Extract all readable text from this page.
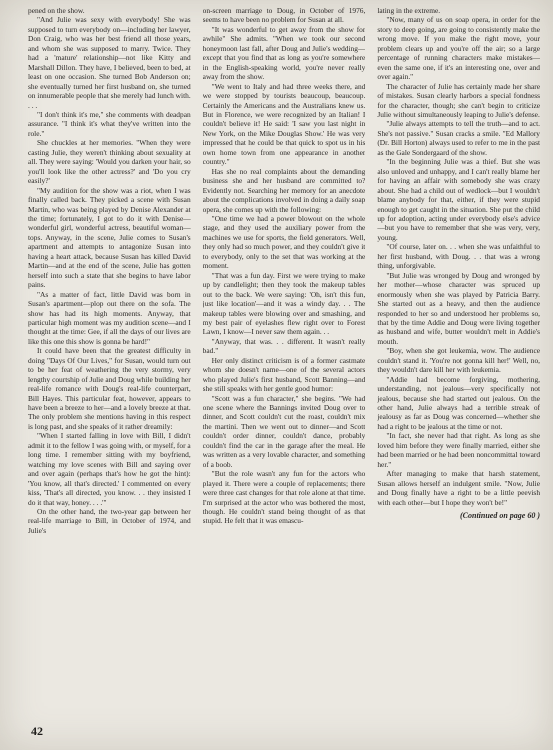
pened on the show.

"And Julie was sexy with everybody! She was supposed to turn everybody on—including her lawyer, Don Craig, who was her best friend all those years, and whom she was supposed to marry. Twice. They had a 'mature' relationship—not like Kitty and Marshall Dillon. They have, I believed, been to bed, at least on one occasion. She turned Bob Anderson on; she eventually turned her first husband on, she turned on innumerable people that she merely had lunch with. . . .

"I don't think it's me," she comments with deadpan assurance. "I think it's what they've written into the role."

She chuckles at her memories. "When they were casting Julie, they weren't thinking about sexuality at all. They were saying: 'Would you darken your hair, so you'll look like the other actress?' and 'Do you cry easily?'

"My audition for the show was a riot, when I was finally called back. They picked a scene with Susan Martin, who was being played by Denise Alexander at the time; fortunately, I got to do it with Denise—wonderful girl, wonderful actress, beautiful woman—tops. Anyway, in the scene, Julie comes to Susan's apartment and attempts to antagonize Susan into having a heart attack, because Susan has killed David Martin—and at the end of the scene, Julie has gotten herself into such a state that she begins to have labor pains.

"As a matter of fact, little David was born in Susan's apartment—plop out there on the sofa. The show has had its high moments. Anyway, that particular high moment was my audition scene—and I thought at the time: Gee, if all the days of our lives are like this one this show is gonna be hard!"

It could have been that the greatest difficulty in doing "Days Of Our Lives," for Susan, would turn out to be her feat of weathering the very stormy, very lengthy courtship of Julie and Doug while building her real-life romance with Doug's real-life counterpart, Bill Hayes. This particular feat, however, appears to have been a breeze to her—and a lovely breeze at that. The only problem she mentions having in this respect is long past, and she speaks of it rather dreamily:

"When I started falling in love with Bill, I didn't admit it to the fellow I was going with, or myself, for a long time. I remember sitting with my boyfriend, watching my love scenes with Bill and saying over and over again (perhaps that's how he got the hint): 'You know, all that's directed.' I commented on every kiss, 'That's all directed, you know. . . they insisted I do it that way, honey. . . .'"

On the other hand, the two-year gap between her real-life marriage to Bill, in October of 1974, and Julie's

on-screen marriage to Doug, in October of 1976, seems to have been no problem for Susan at all.

"It was wonderful to get away from the show for awhile" She admits. "When we took our second honeymoon last fall, after Doug and Julie's wedding—except that you find that as long as you're somewhere in the English-speaking world, you're never really away from the show.

"We went to Italy and had three weeks there, and we were stopped by tourists beaucoup, beaucoup. Certainly the Americans and the Australians knew us. But in Florence, we were recognized by an Italian! I couldn't believe it! He said: 'I saw you last night in New York, on the Mike Douglas Show.' He was very impressed that he could be that quick to spot us in his own home town from one appearance in another country."

Has she no real complaints about the demanding business she and her husband are committed to? Evidently not. Searching her memory for an anecdote about the complications involved in doing a daily soap opera, she comes up with the following:

"One time we had a power blowout on the whole stage, and they used the auxiliary power from the machines we use for sports, the field generators. Well, they only had so much power, and they couldn't give it to everybody, only to the set that was working at the moment.

"That was a fun day. First we were trying to make up by candlelight; then they took the makeup tables out to the back. We were saying: 'Oh, isn't this fun, just like location'—and it was a windy day. . . The makeup tables were blowing over and smashing, and my best pair of eyelashes flew right over to Forest Lawn, I know—I never saw them again. . .

"Anyway, that was. . . different. It wasn't really bad."

Her only distinct criticism is of a former castmate whom she doesn't name—one of the several actors who played Julie's first husband, Scott Banning—and she still speaks with her gentle good humor:

"Scott was a fun character," she begins. "We had one scene where the Bannings invited Doug over to dinner, and Scott couldn't cut the roast, couldn't mix the martini. Then we went out to dinner—and Scott couldn't order dinner, couldn't dance, probably couldn't find the car in the garage after the meal. He was written as a very lovable character, and something of a boob.

"But the role wasn't any fun for the actors who played it. There were a couple of replacements; there were three cast changes for that role alone at that time. I'm surprised at the actor who was bothered the most, though. He couldn't stand being thought of as that stupid. He felt that it was emascu-

lating in the extreme.

"Now, many of us on soap opera, in order for the story to deep going, are going to consistently make the wrong move. If you make the right move, your problem clears up and you're off the air; so a large percentage of running characters make mistakes—even the same one, if it's an interesting one, over and over again."

The character of Julie has certainly made her share of mistakes. Susan clearly harbors a special fondness for the character, though; she can't begin to criticize Julie without simultaneously leaping to Julie's defense.

"Julie always attempts to tell the truth—and to act. She's not passive." Susan cracks a smile. "Ed Mallory (Dr. Bill Horton) always used to refer to me in the past as the Gale Sondergaard of the show.

"In the beginning Julie was a thief. But she was also unloved and unhappy, and I can't really blame her for having an affair with somebody she was crazy about. She had a child out of wedlock—but I wouldn't blame anybody for that, either, if they were stupid enough to get caught in the situation. She put the child up for adoption, acting under everybody else's advice—but you have to remember that she was very, very, young.

"Of course, later on. . . when she was unfaithful to her first husband, with Doug. . . that was a wrong thing, unforgivable.

"But Julie was wronged by Doug and wronged by her mother—whose character was spruced up enormously when she was played by Patricia Barry. She started out as a heavy, and then the audience responded to her so and understood her problems so, that by the time Addie and Doug were living together as husband and wife, butter wouldn't melt in Addie's mouth.

"Boy, when she got leukemia, wow. The audience couldn't stand it. 'You're not gonna kill her!' Well, no, they wouldn't dare kill her with leukemia.

"Addie had become forgiving, mothering, understanding, not jealous—very specifically not jealous, because she had started out jealous. On the other hand, Julie always had a terrible streak of jealousy as far as Doug was concerned—whether she had a right to be jealous at the time or not.

"In fact, she never had that right. As long as she loved him before they were finally married, either she had been married or he had been noncommittal toward her."

After managing to make that harsh statement, Susan allows herself an indulgent smile. "Now, Julie and Doug finally have a right to be a little peevish with each other—but I hope they won't be!"

(Continued on page 60 )

42
